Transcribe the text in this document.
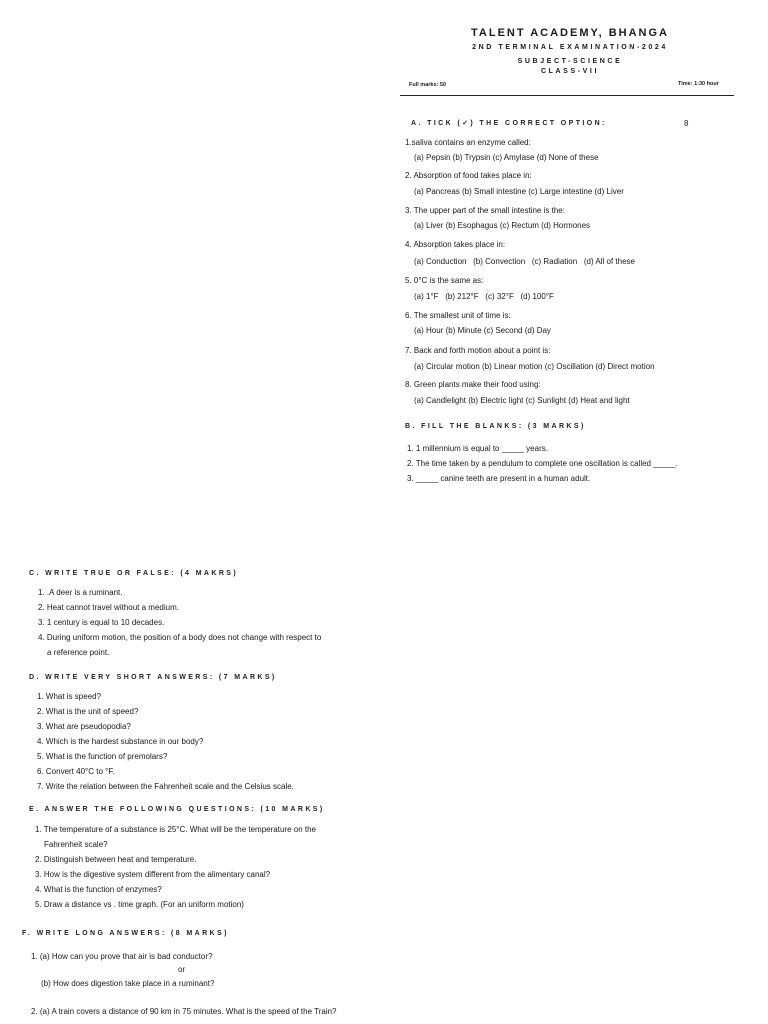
TALENT ACADEMY, BHANGA
2ND TERMINAL EXAMINATION-2024
SUBJECT-SCIENCE
CLASS-VII
Full marks: 50	Time: 1:30 hour
A. TICK (✓) THE CORRECT OPTION:	8
1.saliva contains an enzyme called:
(a) Pepsin (b) Trypsin (c) Amylase (d) None of these
2. Absorption of food takes place in:
(a) Pancreas (b) Small intestine (c) Large intestine (d) Liver
3. The upper part of the small intestine is the:
(a) Liver (b) Esophagus (c) Rectum (d) Hormones
4. Absorption takes place in:
(a) Conduction   (b) Convection   (c) Radiation   (d) All of these
5. 0°C is the same as:
(a) 1°F   (b) 212°F   (c) 32°F   (d) 100°F
6. The smallest unit of time is:
(a) Hour (b) Minute (c) Second (d) Day
7. Back and forth motion about a point is:
(a) Circular motion (b) Linear motion (c) Oscillation (d) Direct motion
8. Green plants make their food using:
(a) Candlelight (b) Electric light (c) Sunlight (d) Heat and light
B. FILL THE BLANKS: (3 MARKS)
1. 1 millennium is equal to _____ years.
2. The time taken by a pendulum to complete one oscillation is called _____.
3. _____ canine teeth are present in a human adult.
C. WRITE TRUE OR FALSE: (4 MAKRS)
1. .A deer is a ruminant.
2. Heat cannot travel without a medium.
3. 1 century is equal to 10 decades.
4. During uniform motion, the position of a body does not change with respect to
a reference point.
D. WRITE VERY SHORT ANSWERS: (7 MARKS)
1. What is speed?
2. What is the unit of speed?
3. What are pseudopodia?
4. Which is the hardest substance in our body?
5. What is the function of premolars?
6. Convert 40°C to °F.
7. Write the relation between the Fahrenheit scale and the Celsius scale.
E. ANSWER THE FOLLOWING QUESTIONS: (10 MARKS)
1. The temperature of a substance is 25°C. What will be the temperature on the
Fahrenheit scale?
2. Distinguish between heat and temperature.
3. How is the digestive system different from the alimentary canal?
4. What is the function of enzymes?
5. Draw a distance vs . time graph. (For an uniform motion)
F. WRITE LONG ANSWERS: (8 MARKS)
1. (a) How can you prove that air is bad conductor?
or
(b) How does digestion take place in a ruminant?
2. (a) A train covers a distance of 90 km in 75 minutes. What is the speed of the Train?
